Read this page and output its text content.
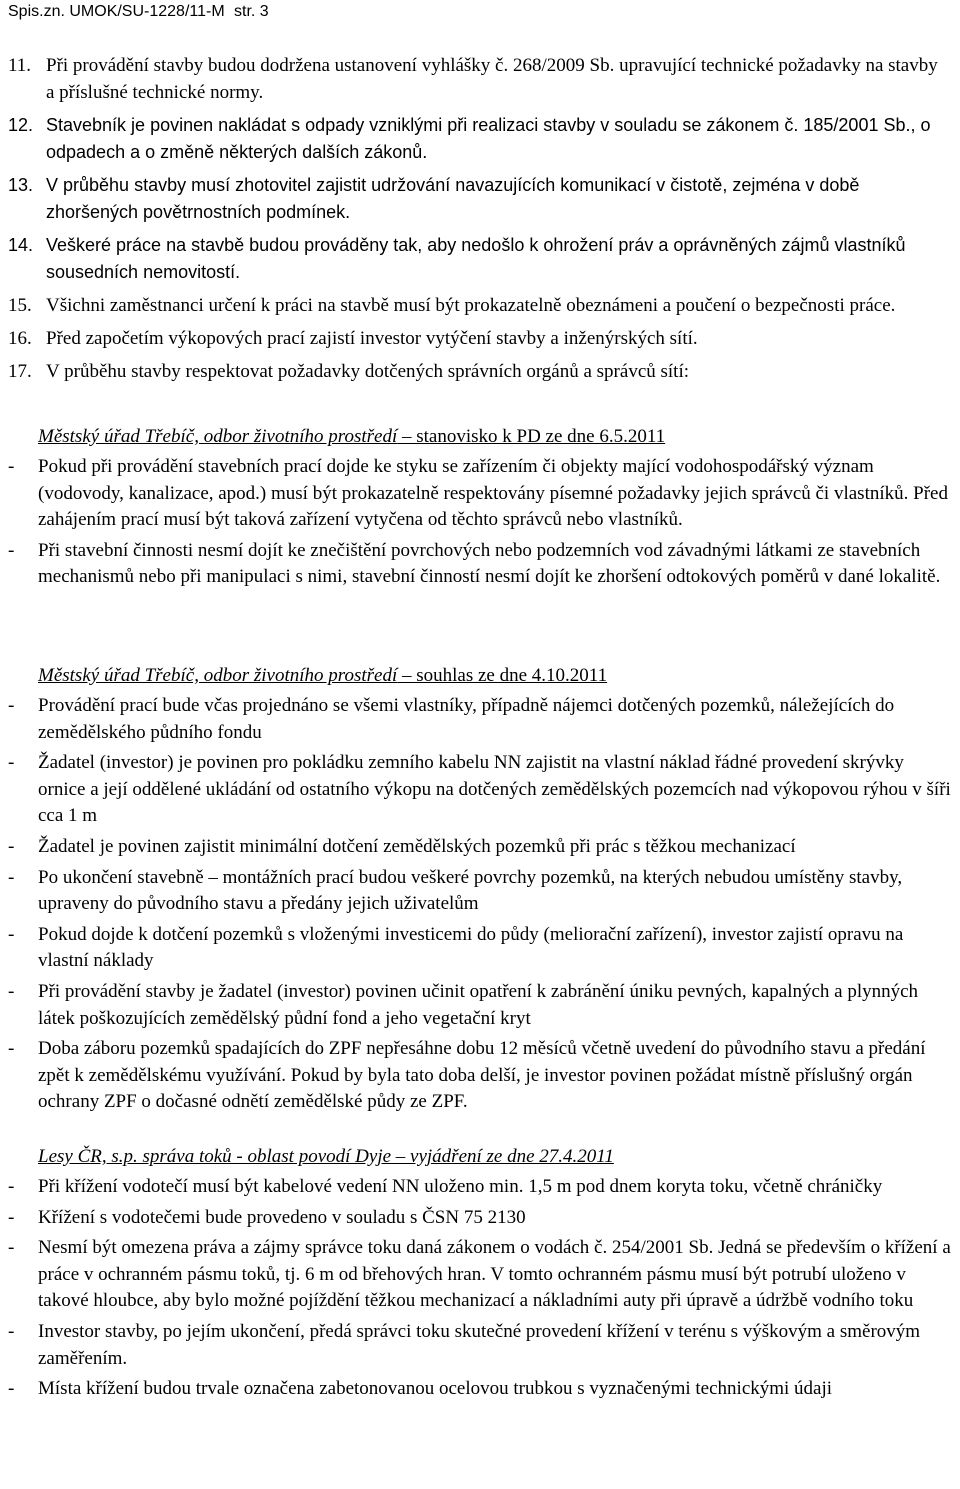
Spis.zn. UMOK/SU-1228/11-M str. 3
11. Při provádění stavby budou dodržena ustanovení vyhlášky č. 268/2009 Sb. upravující technické požadavky na stavby a příslušné technické normy.
12. Stavebník je povinen nakládat s odpady vzniklými při realizaci stavby v souladu se zákonem č. 185/2001 Sb., o odpadech a o změně některých dalších zákonů.
13. V průběhu stavby musí zhotovitel zajistit udržování navazujících komunikací v čistotě, zejména v době zhoršených povětrnostních podmínek.
14. Veškeré práce na stavbě budou prováděny tak, aby nedošlo k ohrožení práv a oprávněných zájmů vlastníků sousedních nemovitostí.
15. Všichni zaměstnanci určení k práci na stavbě musí být prokazatelně obeznámeni a poučení o bezpečnosti práce.
16. Před započetím výkopových prací zajistí investor vytýčení stavby a inženýrských sítí.
17. V průběhu stavby respektovat požadavky dotčených správních orgánů a správců sítí:
Městský úřad Třebíč, odbor životního prostředí – stanovisko k PD ze dne 6.5.2011
- Pokud při provádění stavebních prací dojde ke styku se zařízením či objekty mající vodohospodářský význam (vodovody, kanalizace, apod.) musí být prokazatelně respektovány písemné požadavky jejich správců či vlastníků. Před zahájením prací musí být taková zařízení vytyčena od těchto správců nebo vlastníků.
- Při stavební činnosti nesmí dojít ke znečištění povrchových nebo podzemních vod závadnými látkami ze stavebních mechanismů nebo při manipulaci s nimi, stavební činností nesmí dojít ke zhoršení odtokových poměrů v dané lokalitě.
Městský úřad Třebíč, odbor životního prostředí – souhlas ze dne 4.10.2011
- Provádění prací bude včas projednáno se všemi vlastníky, případně nájemci dotčených pozemků, náležejících do zemědělského půdního fondu
- Žadatel (investor) je povinen pro pokládku zemního kabelu NN zajistit na vlastní náklad řádné provedení skrývky ornice a její oddělené ukládání od ostatního výkopu na dotčených zemědělských pozemcích nad výkopovou rýhou v šíři cca 1 m
- Žadatel je povinen zajistit minimální dotčení zemědělských pozemků při prác s těžkou mechanizací
- Po ukončení stavebně – montážních prací budou veškeré povrchy pozemků, na kterých nebudou umístěny stavby, upraveny do původního stavu a předány jejich uživatelům
- Pokud dojde k dotčení pozemků s vloženými investicemi do půdy (meliorační zařízení), investor zajistí opravu na vlastní náklady
- Při provádění stavby je žadatel (investor) povinen učinit opatření k zabránění úniku pevných, kapalných a plynných látek poškozujících zemědělský půdní fond a jeho vegetační kryt
- Doba záboru pozemků spadajících do ZPF nepřesáhne dobu 12 měsíců včetně uvedení do původního stavu a předání zpět k zemědělskému využívání. Pokud by byla tato doba delší, je investor povinen požádat místně příslušný orgán ochrany ZPF o dočasné odnětí zemědělské půdy ze ZPF.
Lesy ČR, s.p. správa toků - oblast povodí Dyje – vyjádření ze dne 27.4.2011
- Při křížení vodotečí musí být kabelové vedení NN uloženo min. 1,5 m pod dnem koryta toku, včetně chráničky
- Křížení s vodotečemi bude provedeno v souladu s ČSN 75 2130
- Nesmí být omezena práva a zájmy správce toku daná zákonem o vodách č. 254/2001 Sb. Jedná se především o křížení a práce v ochranném pásmu toků, tj. 6 m od břehových hran. V tomto ochranném pásmu musí být potrubí uloženo v takové hloubce, aby bylo možné pojíždění těžkou mechanizací a nákladními auty při úpravě a údržbě vodního toku
- Investor stavby, po jejím ukončení, předá správci toku skutečné provedení křížení v terénu s výškovým a směrovým zaměřením.
- Místa křížení budou trvale označena zabetonovanou ocelovou trubkou s vyznačenými technickými údaji
